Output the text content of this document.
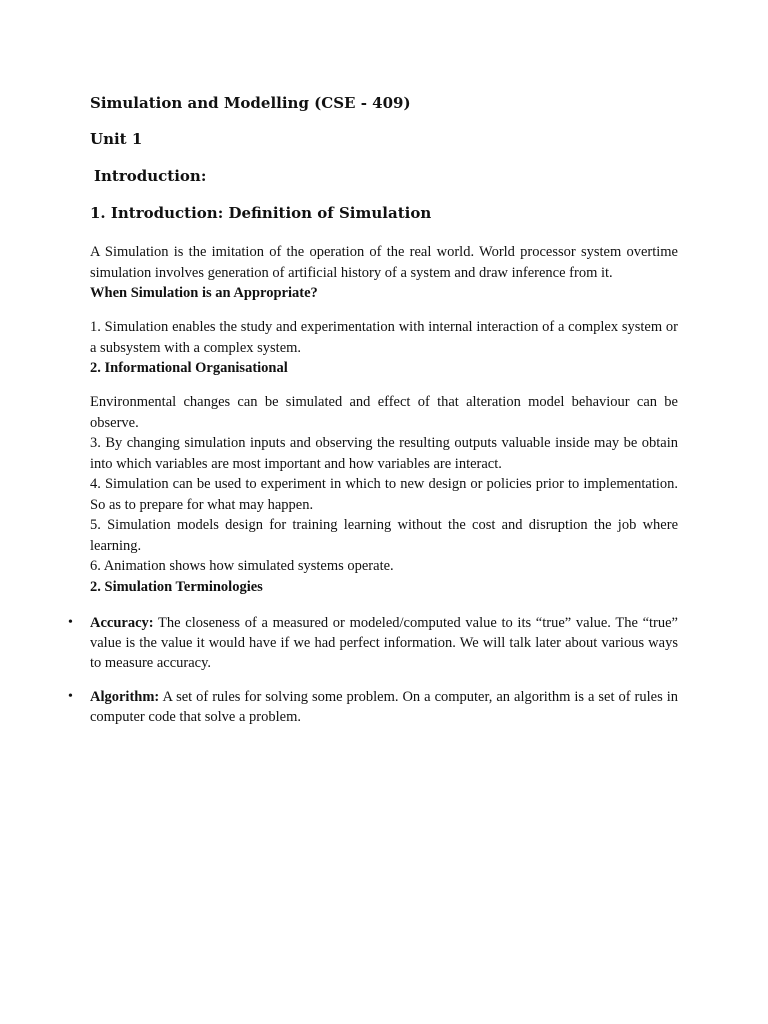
Simulation and Modelling (CSE - 409)
Unit 1
Introduction:
1. Introduction: Definition of Simulation

A Simulation is the imitation of the operation of the real world. World processor system overtime simulation involves generation of artificial history of a system and draw inference from it.

When Simulation is an Appropriate?

1. Simulation enables the study and experimentation with internal interaction of a complex system or a subsystem with a complex system.

2. Informational Organisational

Environmental changes can be simulated and effect of that alteration model behaviour can be observe.

3. By changing simulation inputs and observing the resulting outputs valuable inside may be obtain into which variables are most important and how variables are interact.

4. Simulation can be used to experiment in which to new design or policies prior to implementation. So as to prepare for what may happen.

5. Simulation models design for training learning without the cost and disruption the job where learning.

6. Animation shows how simulated systems operate.

2. Simulation Terminologies

• Accuracy: The closeness of a measured or modeled/computed value to its “true” value. The “true” value is the value it would have if we had perfect information. We will talk later about various ways to measure accuracy.
• Algorithm: A set of rules for solving some problem. On a computer, an algorithm is a set of rules in computer code that solve a problem.
